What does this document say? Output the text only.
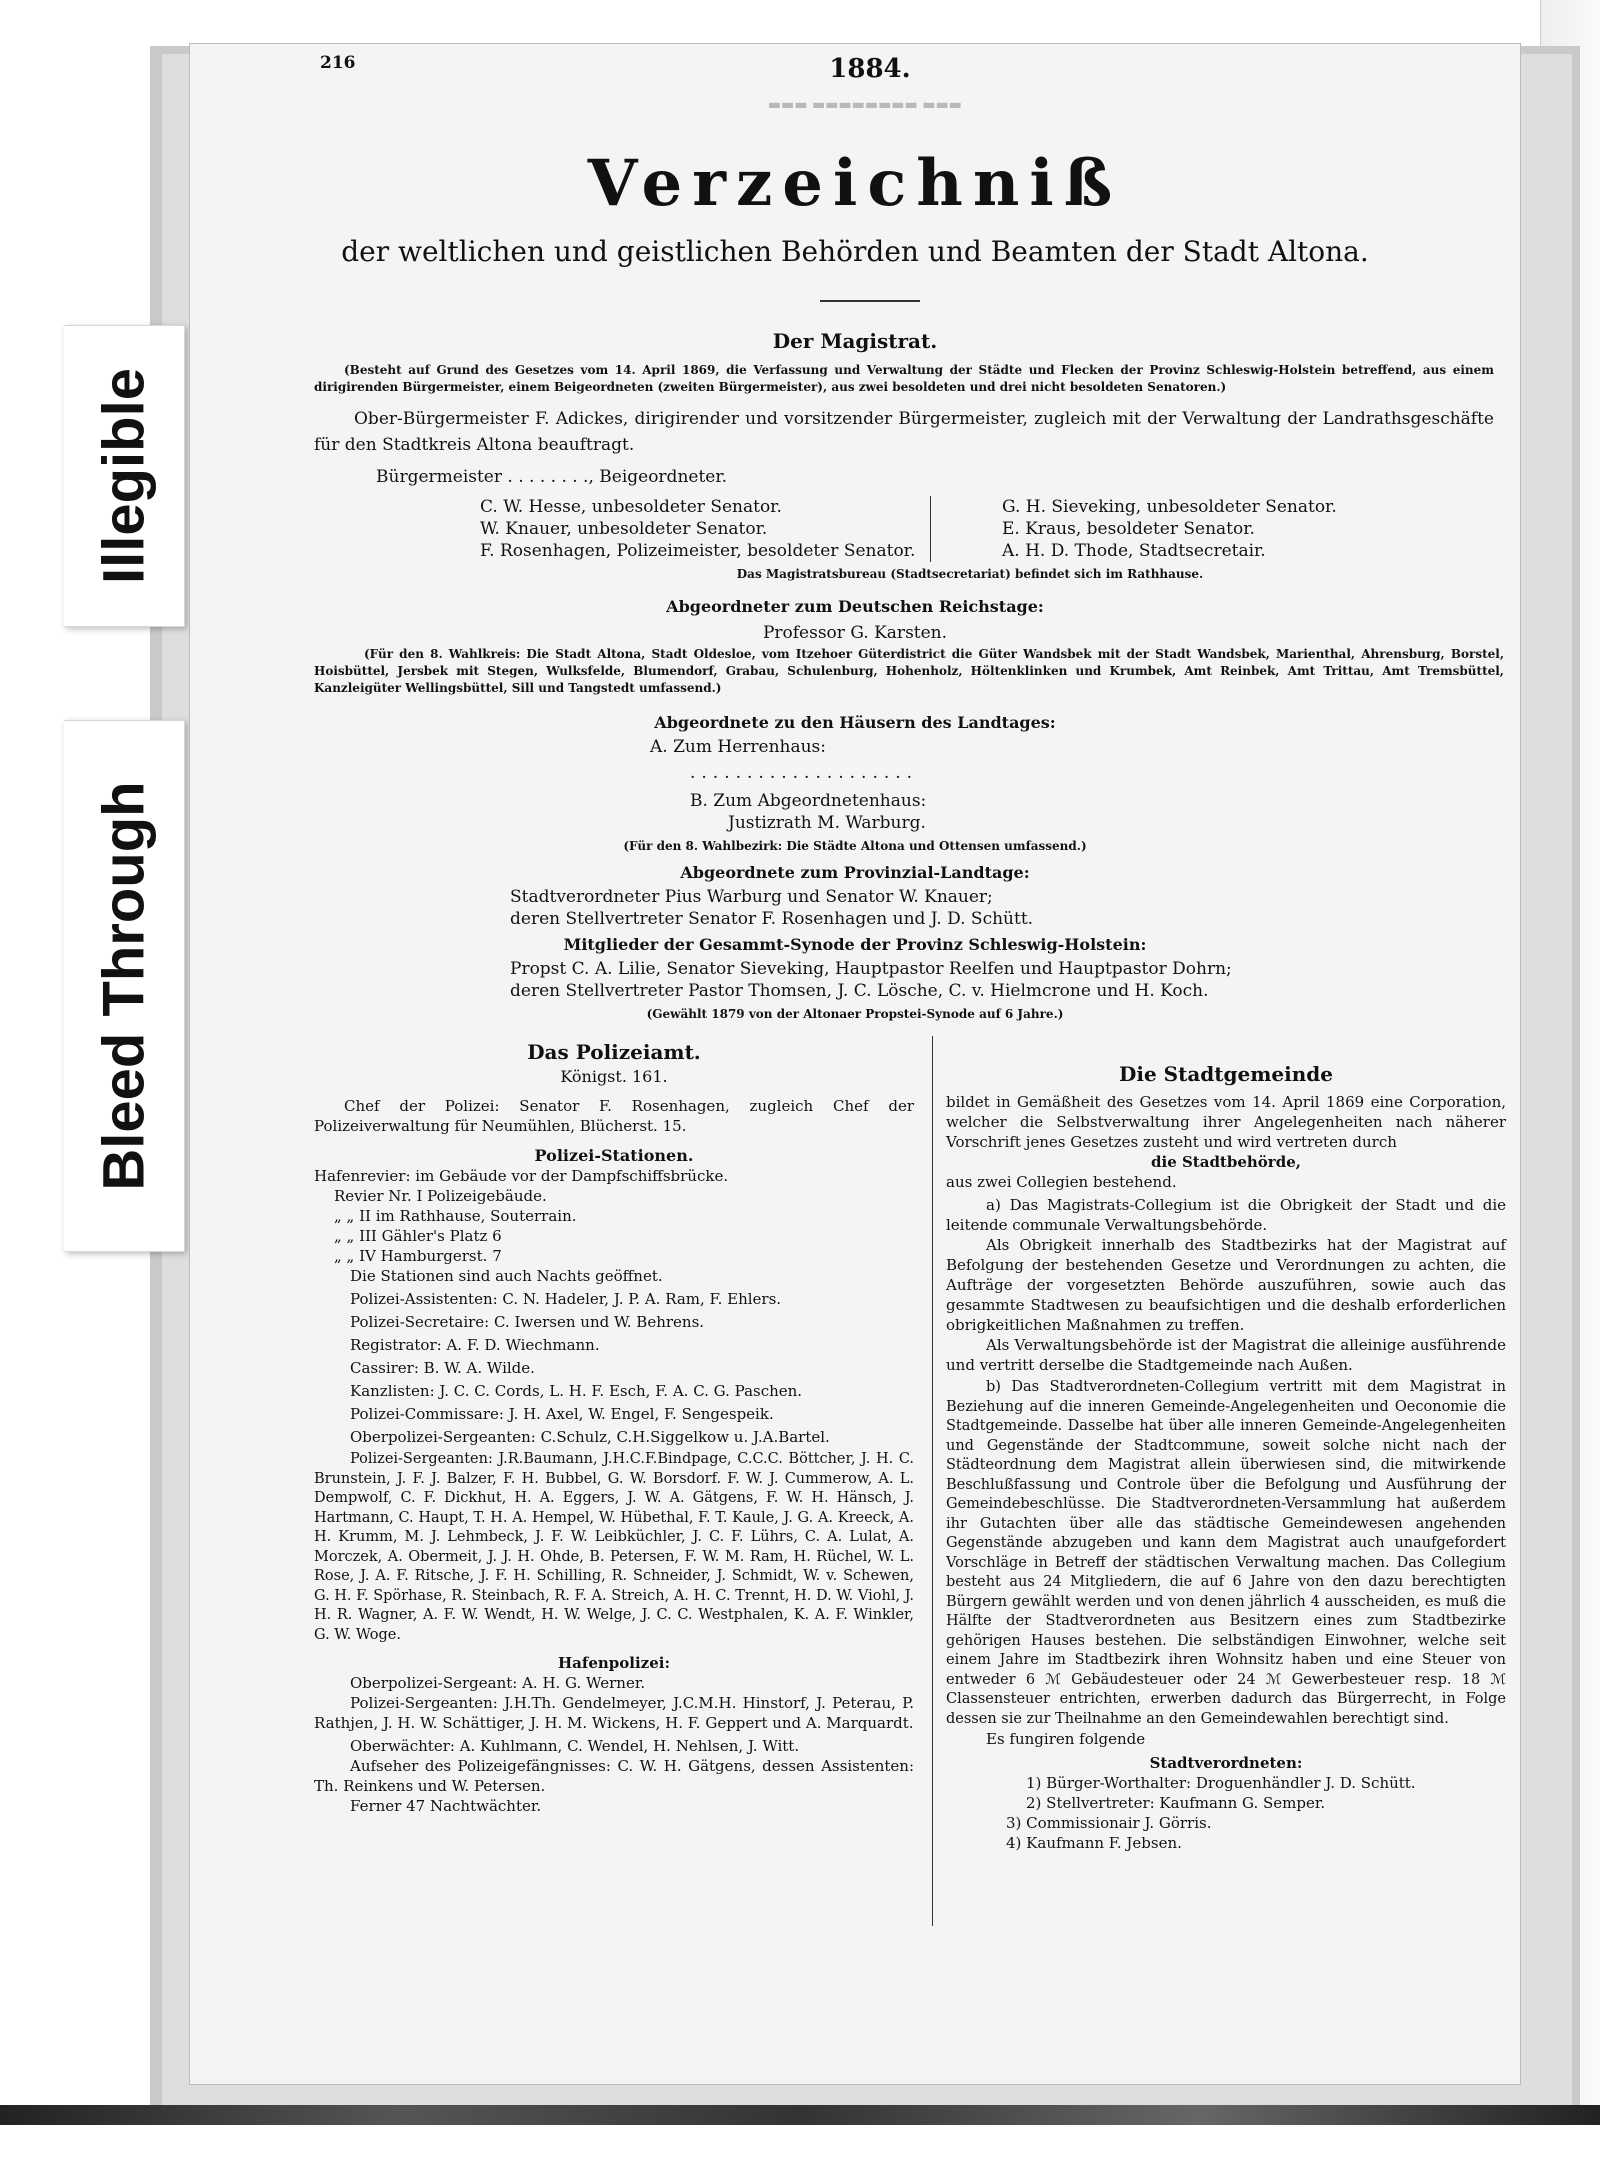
Illegible
Bleed Through

▬▬▬ ▬▬▬▬▬▬▬▬ ▬▬▬

216	1884.
Verzeichniß
der weltlichen und geistlichen Behörden und Beamten der Stadt Altona.
Der Magistrat.
(Besteht auf Grund des Gesetzes vom 14. April 1869, die Verfassung und Verwaltung der Städte und Flecken der Provinz Schleswig-Holstein betreffend, aus einem dirigirenden Bürgermeister, einem Beigeordneten (zweiten Bürgermeister), aus zwei besoldeten und drei nicht besoldeten Senatoren.)
Ober-Bürgermeister F. Adickes, dirigirender und vorsitzender Bürgermeister, zugleich mit der Verwaltung der Landrathsgeschäfte für den Stadtkreis Altona beauftragt.
Bürgermeister . . . . . . . ., Beigeordneter.

C. W. Hesse, unbesoldeter Senator.

W. Knauer, unbesoldeter Senator.

F. Rosenhagen, Polizeimeister, besoldeter Senator.

G. H. Sieveking, unbesoldeter Senator.

E. Kraus, besoldeter Senator.

A. H. D. Thode, Stadtsecretair.

Das Magistratsbureau (Stadtsecretariat) befindet sich im Rathhause.
Abgeordneter zum Deutschen Reichstage:
Professor G. Karsten.
(Für den 8. Wahlkreis: Die Stadt Altona, Stadt Oldesloe, vom Itzehoer Güterdistrict die Güter Wandsbek mit der Stadt Wandsbek, Marienthal, Ahrensburg, Borstel, Hoisbüttel, Jersbek mit Stegen, Wulksfelde, Blumendorf, Grabau, Schulenburg, Hohenholz, Höltenklinken und Krumbek, Amt Reinbek, Amt Trittau, Amt Tremsbüttel, Kanzleigüter Wellingsbüttel, Sill und Tangstedt umfassend.)
Abgeordnete zu den Häusern des Landtages:
A. Zum Herrenhaus:
....................
B. Zum Abgeordnetenhaus:
Justizrath M. Warburg.
(Für den 8. Wahlbezirk: Die Städte Altona und Ottensen umfassend.)
Abgeordnete zum Provinzial-Landtage:
Stadtverordneter Pius Warburg und Senator W. Knauer;
deren Stellvertreter Senator F. Rosenhagen und J. D. Schütt.
Mitglieder der Gesammt-Synode der Provinz Schleswig-Holstein:
Propst C. A. Lilie, Senator Sieveking, Hauptpastor Reelfen und Hauptpastor Dohrn;
deren Stellvertreter Pastor Thomsen, J. C. Lösche, C. v. Hielmcrone und H. Koch.
(Gewählt 1879 von der Altonaer Propstei-Synode auf 6 Jahre.)

Das Polizeiamt.

Königst. 161.

Chef der Polizei: Senator F. Rosenhagen, zugleich Chef der Polizeiverwaltung für Neumühlen, Blücherst. 15.

Polizei-Stationen.

Hafenrevier: im Gebäude vor der Dampfschiffsbrücke.

Revier Nr. I Polizeigebäude.

„ „ II im Rathhause, Souterrain.

„ „ III Gähler's Platz 6

„ „ IV Hamburgerst. 7

Die Stationen sind auch Nachts geöffnet.

Polizei-Assistenten: C. N. Hadeler, J. P. A. Ram, F. Ehlers.

Polizei-Secretaire: C. Iwersen und W. Behrens.

Registrator: A. F. D. Wiechmann.

Cassirer: B. W. A. Wilde.

Kanzlisten: J. C. C. Cords, L. H. F. Esch, F. A. C. G. Paschen.

Polizei-Commissare: J. H. Axel, W. Engel, F. Sengespeik.

Oberpolizei-Sergeanten: C.Schulz, C.H.Siggelkow u. J.A.Bartel.

Polizei-Sergeanten: J.R.Baumann, J.H.C.F.Bindpage, C.C.C. Böttcher, J. H. C. Brunstein, J. F. J. Balzer, F. H. Bubbel, G. W. Borsdorf. F. W. J. Cummerow, A. L. Dempwolf, C. F. Dickhut, H. A. Eggers, J. W. A. Gätgens, F. W. H. Hänsch, J. Hartmann, C. Haupt, T. H. A. Hempel, W. Hübethal, F. T. Kaule, J. G. A. Kreeck, A. H. Krumm, M. J. Lehmbeck, J. F. W. Leibküchler, J. C. F. Lührs, C. A. Lulat, A. Morczek, A. Obermeit, J. J. H. Ohde, B. Petersen, F. W. M. Ram, H. Rüchel, W. L. Rose, J. A. F. Ritsche, J. F. H. Schilling, R. Schneider, J. Schmidt, W. v. Schewen, G. H. F. Spörhase, R. Steinbach, R. F. A. Streich, A. H. C. Trennt, H. D. W. Viohl, J. H. R. Wagner, A. F. W. Wendt, H. W. Welge, J. C. C. Westphalen, K. A. F. Winkler, G. W. Woge.

Hafenpolizei:

Oberpolizei-Sergeant: A. H. G. Werner.

Polizei-Sergeanten: J.H.Th. Gendelmeyer, J.C.M.H. Hinstorf, J. Peterau, P. Rathjen, J. H. W. Schättiger, J. H. M. Wickens, H. F. Geppert und A. Marquardt.

Oberwächter: A. Kuhlmann, C. Wendel, H. Nehlsen, J. Witt.

Aufseher des Polizeigefängnisses: C. W. H. Gätgens, dessen Assistenten: Th. Reinkens und W. Petersen.

Ferner 47 Nachtwächter.

Die Stadtgemeinde

bildet in Gemäßheit des Gesetzes vom 14. April 1869 eine Corporation, welcher die Selbstverwaltung ihrer Angelegenheiten nach näherer Vorschrift jenes Gesetzes zusteht und wird vertreten durch

die Stadtbehörde,

aus zwei Collegien bestehend.

a) Das Magistrats-Collegium ist die Obrigkeit der Stadt und die leitende communale Verwaltungsbehörde.

Als Obrigkeit innerhalb des Stadtbezirks hat der Magistrat auf Befolgung der bestehenden Gesetze und Verordnungen zu achten, die Aufträge der vorgesetzten Behörde auszuführen, sowie auch das gesammte Stadtwesen zu beaufsichtigen und die deshalb erforderlichen obrigkeitlichen Maßnahmen zu treffen.

Als Verwaltungsbehörde ist der Magistrat die alleinige ausführende und vertritt derselbe die Stadtgemeinde nach Außen.

b) Das Stadtverordneten-Collegium vertritt mit dem Magistrat in Beziehung auf die inneren Gemeinde-Angelegenheiten und Oeconomie die Stadtgemeinde. Dasselbe hat über alle inneren Gemeinde-Angelegenheiten und Gegenstände der Stadtcommune, soweit solche nicht nach der Städteordnung dem Magistrat allein überwiesen sind, die mitwirkende Beschlußfassung und Controle über die Befolgung und Ausführung der Gemeindebeschlüsse. Die Stadtverordneten-Versammlung hat außerdem ihr Gutachten über alle das städtische Gemeindewesen angehenden Gegenstände abzugeben und kann dem Magistrat auch unaufgefordert Vorschläge in Betreff der städtischen Verwaltung machen. Das Collegium besteht aus 24 Mitgliedern, die auf 6 Jahre von den dazu berechtigten Bürgern gewählt werden und von denen jährlich 4 ausscheiden, es muß die Hälfte der Stadtverordneten aus Besitzern eines zum Stadtbezirke gehörigen Hauses bestehen. Die selbständigen Einwohner, welche seit einem Jahre im Stadtbezirk ihren Wohnsitz haben und eine Steuer von entweder 6 ℳ Gebäudesteuer oder 24 ℳ Gewerbesteuer resp. 18 ℳ Classensteuer entrichten, erwerben dadurch das Bürgerrecht, in Folge dessen sie zur Theilnahme an den Gemeindewahlen berechtigt sind.

Es fungiren folgende

Stadtverordneten:

1) Bürger-Worthalter: Droguenhändler J. D. Schütt.

2) Stellvertreter: Kaufmann G. Semper.

3) Commissionair J. Görris.

4) Kaufmann F. Jebsen.
